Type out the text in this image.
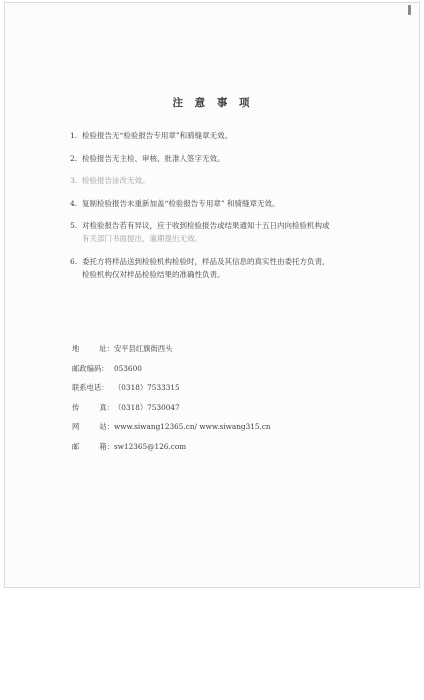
注 意 事 项
1. 检验报告无“检验报告专用章”和骑缝章无效。
2. 检验报告无主检、审核、批准人签字无效。
3. 检验报告涂改无效。
4. 复制检验报告未重新加盖“检验报告专用章” 和骑缝章无效。
5. 对检验报告若有异议，应于收到检验报告或结果通知十五日内向检验机构或
有关部门书面提出，逾期提出无效。
6. 委托方将样品送到检验机构检验时，样品及其信息的真实性由委托方负责，
检验机构仅对样品检验结果的准确性负责。
地	址： 安平县红旗街西头
邮政编码： 053600
联系电话： （0318）7533315
传	真： （0318）7530047
网	站： www.siwang12365.cn/ www.siwang315.cn
邮	箱： sw12365@126.com
